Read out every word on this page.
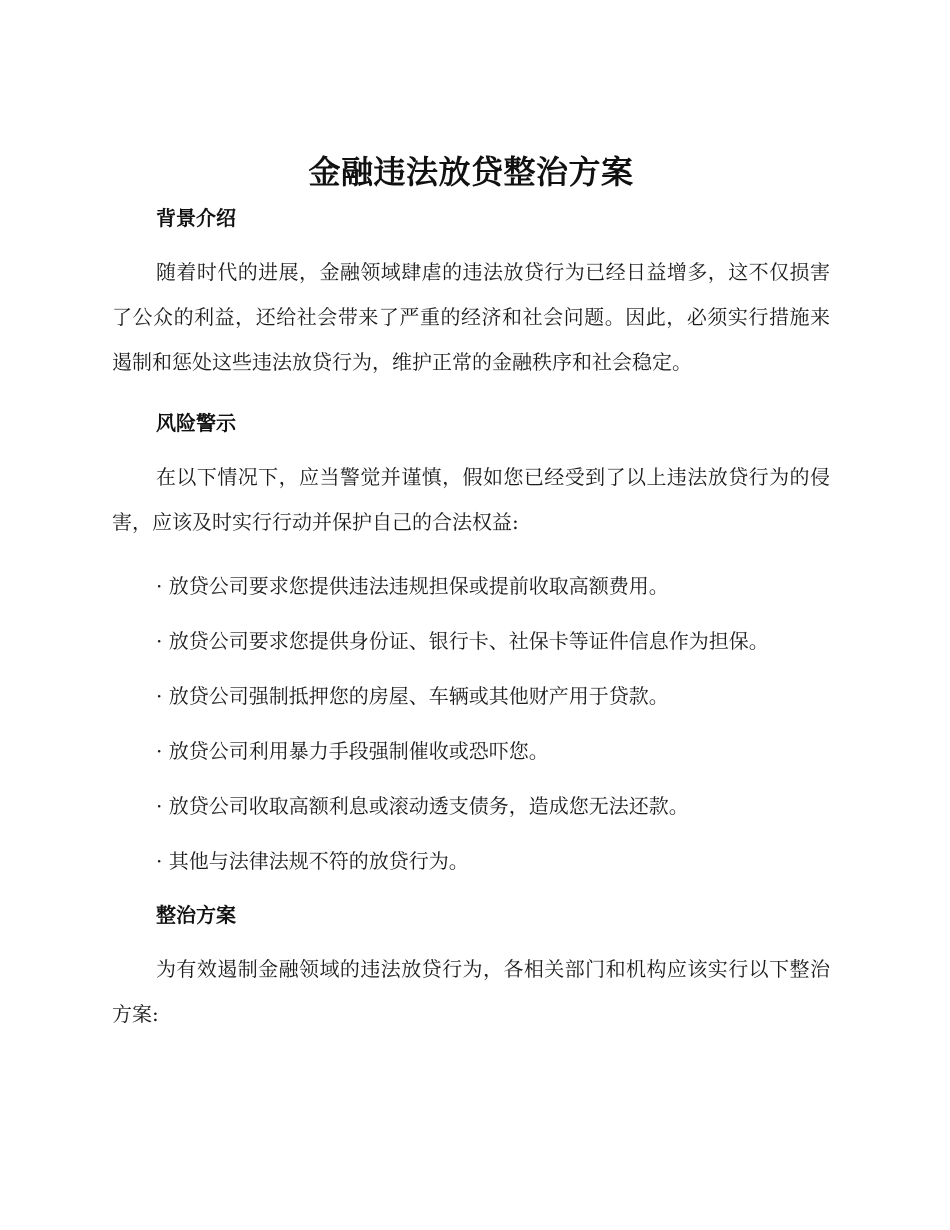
金融违法放贷整治方案
背景介绍

随着时代的进展，金融领域肆虐的违法放贷行为已经日益增多，这不仅损害了公众的利益，还给社会带来了严重的经济和社会问题。因此，必须实行措施来遏制和惩处这些违法放贷行为，维护正常的金融秩序和社会稳定。

风险警示

在以下情况下，应当警觉并谨慎，假如您已经受到了以上违法放贷行为的侵害，应该及时实行行动并保护自己的合法权益:

· 放贷公司要求您提供违法违规担保或提前收取高额费用。
· 放贷公司要求您提供身份证、银行卡、社保卡等证件信息作为担保。
· 放贷公司强制抵押您的房屋、车辆或其他财产用于贷款。
· 放贷公司利用暴力手段强制催收或恐吓您。
· 放贷公司收取高额利息或滚动透支债务，造成您无法还款。
· 其他与法律法规不符的放贷行为。
整治方案

为有效遏制金融领域的违法放贷行为，各相关部门和机构应该实行以下整治方案:
